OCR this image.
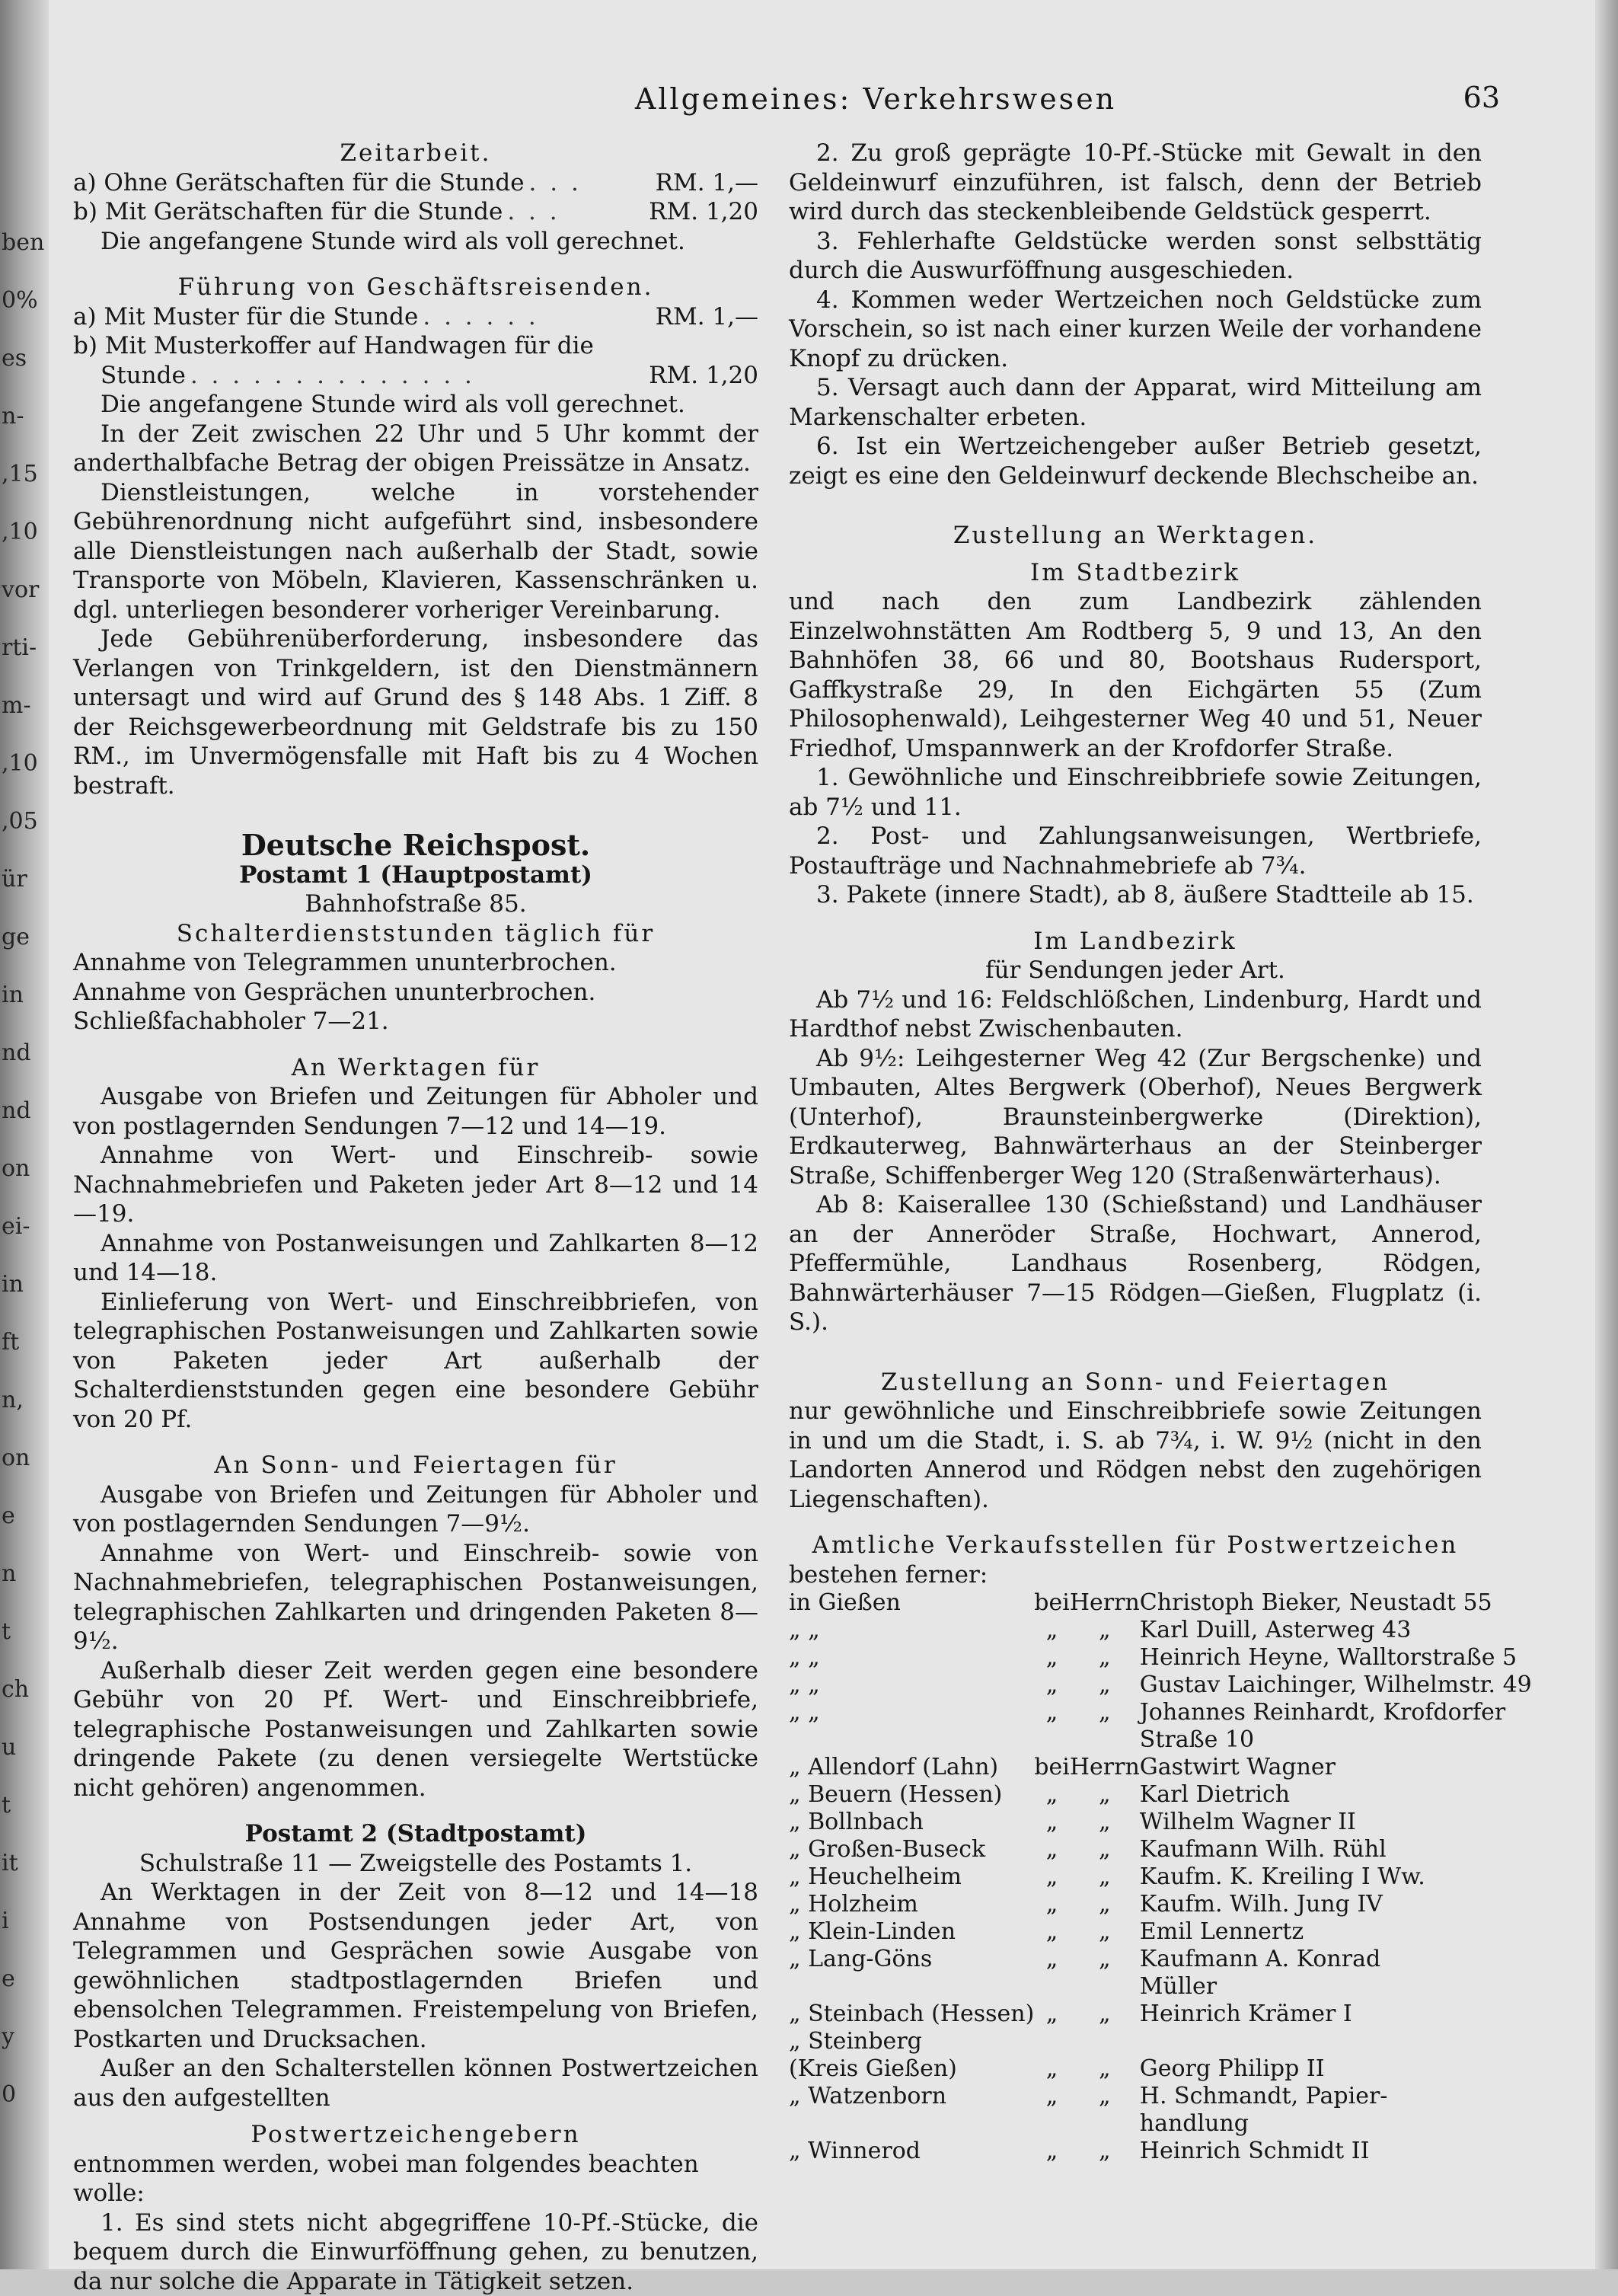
ben
0%
es
n-
,15
,10
vor
rti-
m-
,10
,05
ür
ge
in
nd
nd
on
ei-
in
ft
n,
on
e
n
t
ch
u
t
it
i
e
y
0
Allgemeines: Verkehrswesen	63

Zeitarbeit.

a) Ohne Gerätschaften für die Stunde . . .	RM. 1,—

b) Mit Gerätschaften für die Stunde . . .	RM. 1,20

Die angefangene Stunde wird als voll gerechnet.

Führung von Geschäftsreisenden.

a) Mit Muster für die Stunde . . . . . .	RM. 1,—

b) Mit Musterkoffer auf Handwagen für die

Stunde . . . . . . . . . . . . . .	RM. 1,20

Die angefangene Stunde wird als voll gerechnet.

In der Zeit zwischen 22 Uhr und 5 Uhr kommt der anderthalbfache Betrag der obigen Preissätze in Ansatz.

Dienstleistungen, welche in vorstehender Gebührenordnung nicht aufgeführt sind, insbesondere alle Dienstleistungen nach außerhalb der Stadt, sowie Transporte von Möbeln, Klavieren, Kassenschränken u. dgl. unterliegen besonderer vorheriger Vereinbarung.

Jede Gebührenüberforderung, insbesondere das Verlangen von Trinkgeldern, ist den Dienstmännern untersagt und wird auf Grund des § 148 Abs. 1 Ziff. 8 der Reichsgewerbeordnung mit Geldstrafe bis zu 150 RM., im Unvermögensfalle mit Haft bis zu 4 Wochen bestraft.

Deutsche Reichspost.

Postamt 1 (Hauptpostamt)

Bahnhofstraße 85.

Schalterdienststunden täglich für

Annahme von Telegrammen ununterbrochen.

Annahme von Gesprächen ununterbrochen.

Schließfachabholer 7—21.

An Werktagen für

Ausgabe von Briefen und Zeitungen für Abholer und von postlagernden Sendungen 7—12 und 14—19.

Annahme von Wert- und Einschreib- sowie Nachnahmebriefen und Paketen jeder Art 8—12 und 14—19.

Annahme von Postanweisungen und Zahlkarten 8—12 und 14—18.

Einlieferung von Wert- und Einschreibbriefen, von telegraphischen Postanweisungen und Zahlkarten sowie von Paketen jeder Art außerhalb der Schalterdienststunden gegen eine besondere Gebühr von 20 Pf.

An Sonn- und Feiertagen für

Ausgabe von Briefen und Zeitungen für Abholer und von postlagernden Sendungen 7—9½.

Annahme von Wert- und Einschreib- sowie von Nachnahmebriefen, telegraphischen Postanweisungen, telegraphischen Zahlkarten und dringenden Paketen 8—9½.

Außerhalb dieser Zeit werden gegen eine besondere Gebühr von 20 Pf. Wert- und Einschreibbriefe, telegraphische Postanweisungen und Zahlkarten sowie dringende Pakete (zu denen versiegelte Wertstücke nicht gehören) angenommen.

Postamt 2 (Stadtpostamt)

Schulstraße 11 — Zweigstelle des Postamts 1.

An Werktagen in der Zeit von 8—12 und 14—18 Annahme von Postsendungen jeder Art, von Telegrammen und Gesprächen sowie Ausgabe von gewöhnlichen stadtpostlagernden Briefen und ebensolchen Telegrammen. Freistempelung von Briefen, Postkarten und Drucksachen.

Außer an den Schalterstellen können Postwertzeichen aus den aufgestellten

Postwertzeichengebern

entnommen werden, wobei man folgendes beachten wolle:

1. Es sind stets nicht abgegriffene 10-Pf.-Stücke, die bequem durch die Einwurföffnung gehen, zu benutzen, da nur solche die Apparate in Tätigkeit setzen.

2. Zu groß geprägte 10-Pf.-Stücke mit Gewalt in den Geldeinwurf einzuführen, ist falsch, denn der Betrieb wird durch das steckenbleibende Geldstück gesperrt.

3. Fehlerhafte Geldstücke werden sonst selbsttätig durch die Auswurföffnung ausgeschieden.

4. Kommen weder Wertzeichen noch Geldstücke zum Vorschein, so ist nach einer kurzen Weile der vorhandene Knopf zu drücken.

5. Versagt auch dann der Apparat, wird Mitteilung am Markenschalter erbeten.

6. Ist ein Wertzeichengeber außer Betrieb gesetzt, zeigt es eine den Geldeinwurf deckende Blechscheibe an.

Zustellung an Werktagen.

Im Stadtbezirk

und nach den zum Landbezirk zählenden Einzelwohnstätten Am Rodtberg 5, 9 und 13, An den Bahnhöfen 38, 66 und 80, Bootshaus Rudersport, Gaffkystraße 29, In den Eichgärten 55 (Zum Philosophenwald), Leihgesterner Weg 40 und 51, Neuer Friedhof, Umspannwerk an der Krofdorfer Straße.

1. Gewöhnliche und Einschreibbriefe sowie Zeitungen, ab 7½ und 11.

2. Post- und Zahlungsanweisungen, Wertbriefe, Postaufträge und Nachnahmebriefe ab 7¾.

3. Pakete (innere Stadt), ab 8, äußere Stadtteile ab 15.

Im Landbezirk

für Sendungen jeder Art.

Ab 7½ und 16: Feldschlößchen, Lindenburg, Hardt und Hardthof nebst Zwischenbauten.

Ab 9½: Leihgesterner Weg 42 (Zur Bergschenke) und Umbauten, Altes Bergwerk (Oberhof), Neues Bergwerk (Unterhof), Braunsteinbergwerke (Direktion), Erdkauterweg, Bahnwärterhaus an der Steinberger Straße, Schiffenberger Weg 120 (Straßenwärterhaus).

Ab 8: Kaiserallee 130 (Schießstand) und Landhäuser an der Anneröder Straße, Hochwart, Annerod, Pfeffermühle, Landhaus Rosenberg, Rödgen, Bahnwärterhäuser 7—15 Rödgen—Gießen, Flugplatz (i. S.).

Zustellung an Sonn- und Feiertagen

nur gewöhnliche und Einschreibbriefe sowie Zeitungen in und um die Stadt, i. S. ab 7¾, i. W. 9½ (nicht in den Landorten Annerod und Rödgen nebst den zugehörigen Liegenschaften).

Amtliche Verkaufsstellen für Postwertzeichen

bestehen ferner:

in Gießen	bei	Herrn	Christoph Bieker, Neustadt 55
„ „	„	„	Karl Duill, Asterweg 43
„ „	„	„	Heinrich Heyne, Walltorstraße 5
„ „	„	„	Gustav Laichinger, Wilhelmstr. 49
„ „	„	„	Johannes Reinhardt, Krofdorfer
			Straße 10
„ Allendorf (Lahn)	bei	Herrn	Gastwirt Wagner
„ Beuern (Hessen)	„	„	Karl Dietrich
„ Bollnbach	„	„	Wilhelm Wagner II
„ Großen-Buseck	„	„	Kaufmann Wilh. Rühl
„ Heuchelheim	„	„	Kaufm. K. Kreiling I Ww.
„ Holzheim	„	„	Kaufm. Wilh. Jung IV
„ Klein-Linden	„	„	Emil Lennertz
„ Lang-Göns	„	„	Kaufmann A. Konrad
			Müller
„ Steinbach (Hessen)	„	„	Heinrich Krämer I
„ Steinberg			
(Kreis Gießen)	„	„	Georg Philipp II
„ Watzenborn	„	„	H. Schmandt, Papier-
			handlung
„ Winnerod	„	„	Heinrich Schmidt II
